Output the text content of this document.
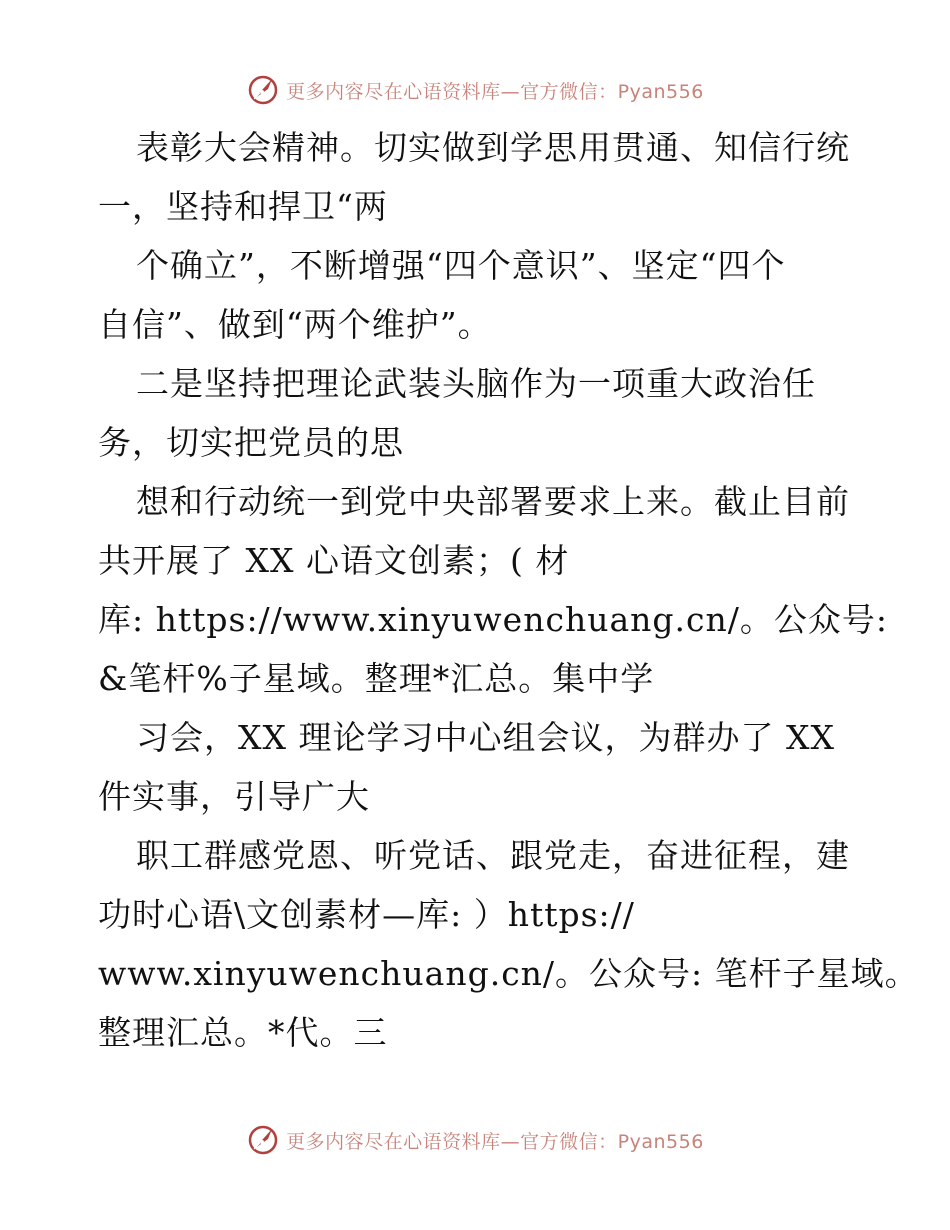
更多内容尽在心语资料库—官方微信：Pyan556
表彰大会精神。切实做到学思用贯通、知信行统
一，坚持和捍卫“两
个确立”，不断增强“四个意识”、坚定“四个
自信”、做到“两个维护”。
二是坚持把理论武装头脑作为一项重大政治任
务，切实把党员的思
想和行动统一到党中央部署要求上来。截止目前
共开展了 XX 心语文创素；( 材
库: https://www.xinyuwenchuang.cn/。公众号:
&笔杆%子星域。整理*汇总。集中学
习会，XX 理论学习中心组会议，为群办了 XX
件实事，引导广大
职工群感党恩、听党话、跟党走，奋进征程，建
功时心语\文创素材—库: ）https://
www.xinyuwenchuang.cn/。公众号: 笔杆子星域。
整理汇总。*代。三
更多内容尽在心语资料库—官方微信：Pyan556
